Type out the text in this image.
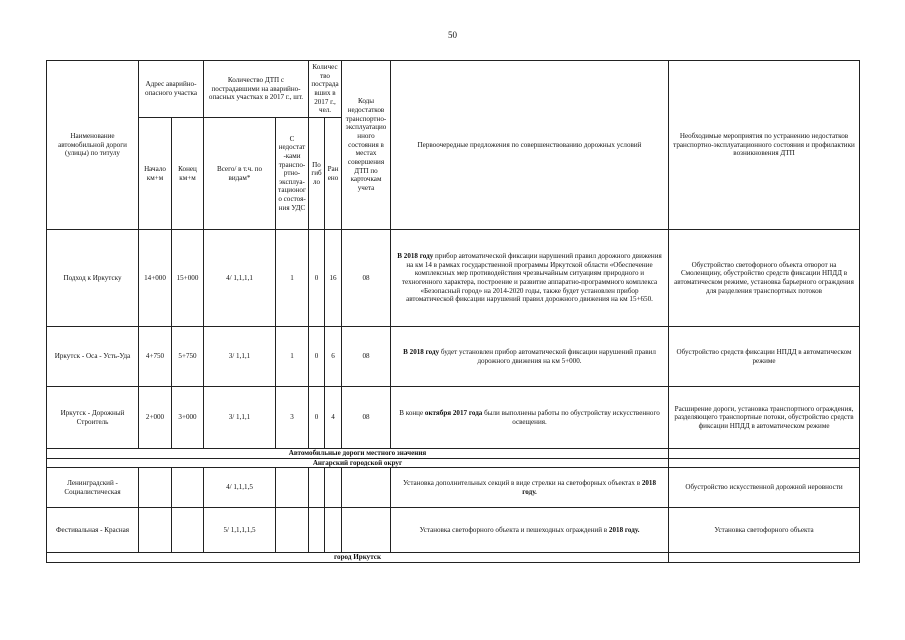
50
Наименование автомобильной дороги (улицы) по титулу	Адрес аварийно-опасного участка		Количество ДТП с пострадавшими на аварийно-опасных участках в 2017 г., шт.		Количество пострадавших в 2017 г., чел.		Коды недостатков транспортно-эксплуатационного состояния в местах совершения ДТП по карточкам учета	Первоочередные предложения по совершенствованию дорожных условий	Необходимые мероприятия по устранению недостатков транспортно-эксплуатационного состояния и профилактики возникновения ДТП
	Начало км+м	Конец км+м	Всего/ в т.ч. по видам*	С недостат-ками транспо-ртно-эксплуа-тационого состоя-ния УДС	Погибло	Ранено			
Подход к Иркутску	14+000	15+000	4/ 1,1,1,1	1	0	16	08	В 2018 году прибор автоматической фиксации нарушений правил дорожного движения на км 14 в рамках государственной программы Иркутской области «Обеспечение комплексных мер противодействия чрезвычайным ситуациям природного и техногенного характера, построение и развитие аппаратно-программного комплекса «Безопасный город» на 2014-2020 годы, также будет установлен прибор автоматической фиксации нарушений правил дорожного движения на км 15+650.	Обустройство светофорного объекта отворот на Смоленщину, обустройство средств фиксации НПДД в автоматическом режиме, установка барьерного ограждения для разделения транспортных потоков
Иркутск - Оса - Усть-Уда	4+750	5+750	3/ 1,1,1	1	0	6	08	В 2018 году будет установлен прибор автоматической фиксации нарушений правил дорожного движения на км 5+000.	Обустройство средств фиксации НПДД в автоматическом режиме
Иркутск - Дорожный Строитель	2+000	3+000	3/ 1,1,1	3	0	4	08	В конце октября 2017 года были выполнены работы по обустройству искусственного освещения.	Расширение дороги, установка транспортного ограждения, разделяющего транспортные потоки, обустройство средств фиксации НПДД в автоматическом режиме
Автомобильные дороги местного значения									
Ангарский городской округ									
Ленинградский - Социалистическая			4/ 1,1,1,5					Установка дополнительных секций в виде стрелки на светофорных объектах в 2018 году.	Обустройство искусственной дорожной неровности
Фестивальная - Красная			5/ 1,1,1,1,5					Установка светофорного объекта и пешеходных ограждений в 2018 году.	Установка светофорного объекта
город Иркутск									
